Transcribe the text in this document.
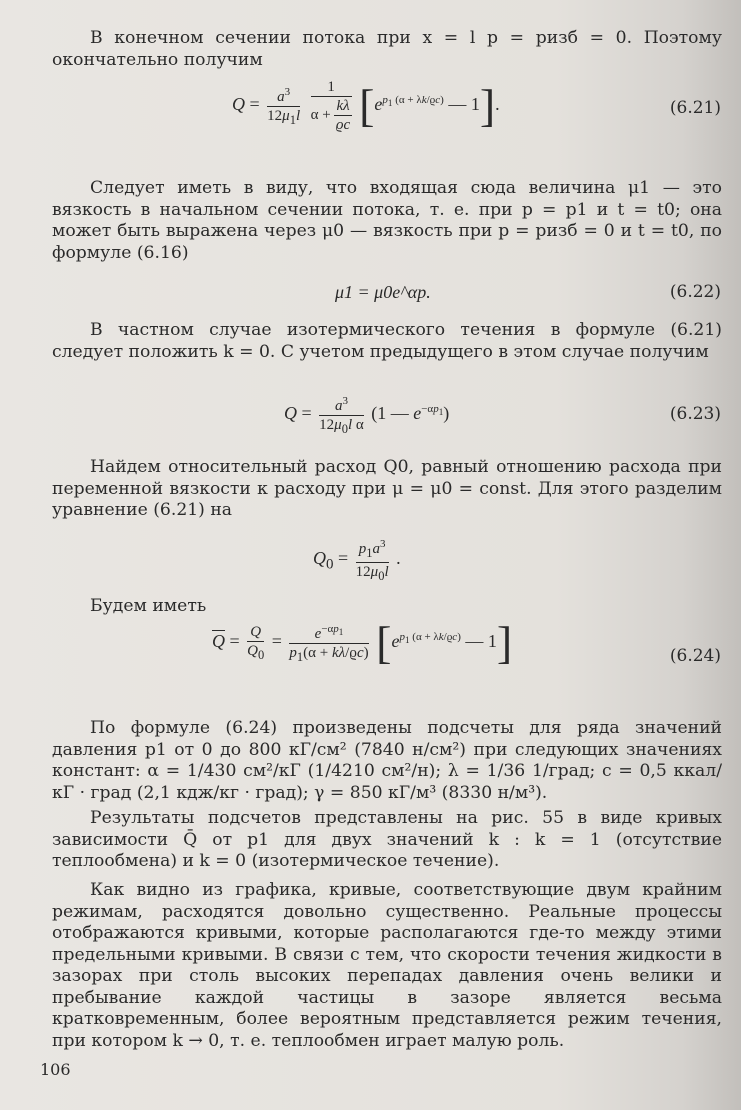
В конечном сечении потока при x = l p = pизб = 0. Поэтому окончательно получим

$Q = \frac{a^3}{12\mu_1l}$
$\frac{1}{\alpha + \frac{k\lambda}{ϱc}} [e^{p_1 (\alpha + \lambda k/ϱc)}$ — 1].	(6.21)

Следует иметь в виду, что входящая сюда величина μ1 — это вязкость в начальном сечении потока, т. е. при p = p1 и t = t0; она может быть выражена через μ0 — вязкость при p = pизб = 0 и t = t0, по формуле (6.16)

μ1 = μ0e^αp.	(6.22)

В частном случае изотермического течения в формуле (6.21) следует положить k = 0. С учетом предыдущего в этом случае получим

$Q = \frac{a^3}{12\mu_0l \alpha} (1$ — $e^{-\alpha p_1}$)	(6.23)

Найдем относительный расход Q0, равный отношению расхода при переменной вязкости к расходу при μ = μ0 = const. Для этого разделим уравнение (6.21) на

$Q_0 = \frac{p_1a^3}{12\mu_0l}$ .

Будем иметь

$\overline{Q} = \frac{Q}{Q_0} = \frac{e^{-\alpha p_1}}{p_1(\alpha + k\lambda/ϱc)} [e^{p_1 (\alpha + \lambda k/ϱc)}$ — 1]	(6.24)

По формуле (6.24) произведены подсчеты для ряда значений давления p1 от 0 до 800 кГ/см² (7840 н/см²) при следующих значениях констант: α = 1/430 см²/кГ (1/4210 см²/н); λ = 1/36 1/град; c = 0,5 ккал/кГ · град (2,1 кдж/кг · град); γ = 850 кГ/м³ (8330 н/м³).

Результаты подсчетов представлены на рис. 55 в виде кривых зависимости Q̄ от p1 для двух значений k : k = 1 (отсутствие теплообмена) и k = 0 (изотермическое течение).

Как видно из графика, кривые, соответствующие двум крайним режимам, расходятся довольно существенно. Реальные процессы отображаются кривыми, которые располагаются где-то между этими предельными кривыми. В связи с тем, что скорости течения жидкости в зазорах при столь высоких перепадах давления очень велики и пребывание каждой частицы в зазоре является весьма кратковременным, более вероятным представляется режим течения, при котором k → 0, т. е. теплообмен играет малую роль.

106
